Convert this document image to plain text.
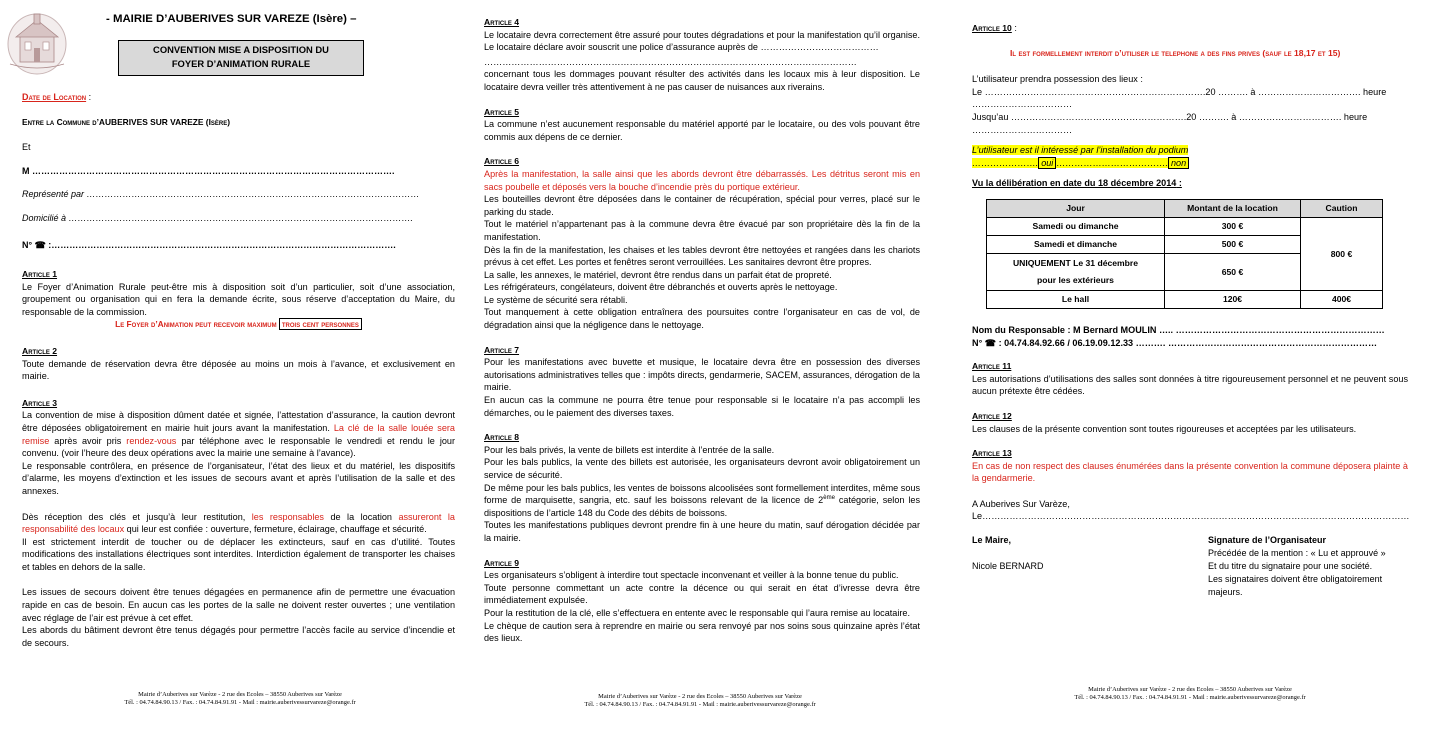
- MAIRIE D’AUBERIVES SUR VAREZE (Isère) –
CONVENTION MISE A DISPOSITION DU
FOYER D’ANIMATION RURALE
Date de Location :
Entre la Commune d’AUBERIVES SUR VAREZE (Isère)
Et
M ………………………………………………………………………………………………………….
Représenté par …………………………………………………………………………………………………
Domicilié à …………………………………………………………………………………………………….
N° ☎ :…………………………………………………………………………………………………….

Article 1

Le Foyer d’Animation Rurale peut-être mis à disposition soit d’un particulier, soit d’une association, groupement ou organisation qui en fera la demande écrite, sous réserve d’acceptation du Maire, du responsable de la commission.

Le Foyer d’Animation peut recevoir maximum trois cent personnes

Article 2

Toute demande de réservation devra être déposée au moins un mois à l’avance, et exclusivement en mairie.

Article 3

La convention de mise à disposition dûment datée et signée, l’attestation d’assurance, la caution devront être déposées obligatoirement en mairie huit jours avant la manifestation. La clé de la salle louée sera remise après avoir pris rendez-vous par téléphone avec le responsable le vendredi et rendu le jour convenu. (voir l’heure des deux opérations avec la mairie une semaine à l’avance).

Le responsable contrôlera, en présence de l’organisateur, l’état des lieux et du matériel, les dispositifs d’alarme, les moyens d’extinction et les issues de secours avant et après l’utilisation de la salle et des annexes.

Dès réception des clés et jusqu’à leur restitution, les responsables de la location assureront la responsabilité des locaux qui leur est confiée : ouverture, fermeture, éclairage, chauffage et sécurité.

Il est strictement interdit de toucher ou de déplacer les extincteurs, sauf en cas d’utilité. Toutes modifications des installations électriques sont interdites. Interdiction également de transporter les chaises et tables en dehors de la salle.

Les issues de secours doivent être tenues dégagées en permanence afin de permettre une évacuation rapide en cas de besoin. En aucun cas les portes de la salle ne doivent rester ouvertes ; une ventilation avec réglage de l’air est prévue à cet effet.

Les abords du bâtiment devront être tenus dégagés pour permettre l’accès facile au service d’incendie et de secours.

Mairie d’Auberives sur Varèze - 2 rue des Ecoles – 38550 Auberives sur Varèze
Tél. : 04.74.84.90.13 / Fax. : 04.74.84.91.91 - Mail : mairie.auberivessurvareze@orange.fr

Article 4

Le locataire devra correctement être assuré pour toutes dégradations et pour la manifestation qu’il organise. Le locataire déclare avoir souscrit une police d’assurance auprès de …………………………………

……………………………………………………………………………………………………………

concernant tous les dommages pouvant résulter des activités dans les locaux mis à leur disposition. Le locataire devra veiller très attentivement à ne pas causer de nuisances aux riverains.

Article 5

La commune n’est aucunement responsable du matériel apporté par le locataire, ou des vols pouvant être commis aux dépens de ce dernier.

Article 6

Après la manifestation, la salle ainsi que les abords devront être débarrassés. Les détritus seront mis en sacs poubelle et déposés vers la bouche d’incendie près du portique extérieur.

Les bouteilles devront être déposées dans le container de récupération, spécial pour verres, placé sur le parking du stade.

Tout le matériel n’appartenant pas à la commune devra être évacué par son propriétaire dès la fin de la manifestation.

Dès la fin de la manifestation, les chaises et les tables devront être nettoyées et rangées dans les chariots prévus à cet effet. Les portes et fenêtres seront verrouillées. Les sanitaires devront être propres.

La salle, les annexes, le matériel, devront être rendus dans un parfait état de propreté.

Les réfrigérateurs, congélateurs, doivent être débranchés et ouverts après le nettoyage.

Le système de sécurité sera rétabli.

Tout manquement à cette obligation entraînera des poursuites contre l’organisateur en cas de vol, de dégradation ainsi que la négligence dans le nettoyage.

Article 7

Pour les manifestations avec buvette et musique, le locataire devra être en possession des diverses autorisations administratives telles que : impôts directs, gendarmerie, SACEM, assurances, dérogation de la mairie.

En aucun cas la commune ne pourra être tenue pour responsable si le locataire n’a pas accompli les démarches, ou le paiement des diverses taxes.

Article 8

Pour les bals privés, la vente de billets est interdite à l’entrée de la salle.

Pour les bals publics, la vente des billets est autorisée, les organisateurs devront avoir obligatoirement un service de sécurité.

De même pour les bals publics, les ventes de boissons alcoolisées sont formellement interdites, même sous forme de marquisette, sangria, etc. sauf les boissons relevant de la licence de 2ème catégorie, selon les dispositions de l’article 148 du Code des débits de boissons.

Toutes les manifestations publiques devront prendre fin à une heure du matin, sauf dérogation décidée par la mairie.

Article 9

Les organisateurs s’obligent à interdire tout spectacle inconvenant et veiller à la bonne tenue du public.

Toute personne commettant un acte contre la décence ou qui serait en état d’ivresse devra être immédiatement expulsée.

Pour la restitution de la clé, elle s’effectuera en entente avec le responsable qui l’aura remise au locataire.

Le chèque de caution sera à reprendre en mairie ou sera renvoyé par nos soins sous quinzaine après l’état des lieux.

Mairie d’Auberives sur Varèze - 2 rue des Ecoles – 38550 Auberives sur Varèze
Tél. : 04.74.84.90.13 / Fax. : 04.74.84.91.91 - Mail : mairie.auberivessurvareze@orange.fr

Article 10 :

Il est formellement interdit d’utiliser le telephone a des fins prives (sauf le 18,17 et 15)

L’utilisateur prendra possession des lieux :

Le ……………………………………………………………….20 ………. à ……………………………. heure ……………………………

Jusqu’au ………………………………………………….20 ………. à ……………………………. heure ……………………………

L’utilisateur est il intéressé par l’installation du podium …………………. oui ………………………………. non

Vu la délibération en date du 18 décembre 2014 :

Jour	Montant de la location	Caution
Samedi ou dimanche	300 €	800 €
Samedi et dimanche	500 €	

UNIQUEMENT Le 31 décembre
pour les extérieurs	650 €	
Le hall	120€	400€

Nom du Responsable : M Bernard MOULIN ….. ……………………………………………………………

N° ☎ : 04.74.84.92.66 / 06.19.09.12.33 ………. ……………………………………………………………

Article 11

Les autorisations d’utilisations des salles sont données à titre rigoureusement personnel et ne peuvent sous aucun prétexte être cédées.

Article 12

Les clauses de la présente convention sont toutes rigoureuses et acceptées par les utilisateurs.

Article 13

En cas de non respect des clauses énumérées dans la présente convention la commune déposera plainte à la gendarmerie.

A Auberives Sur Varèze,

Le……………………………………………………………………………………………………………………………

Le Maire,
Nicole BERNARD
Signature de l’Organisateur
Précédée de la mention : « Lu et approuvé »
Et du titre du signataire pour une société.
Les signataires doivent être obligatoirement
majeurs.
Mairie d’Auberives sur Varèze - 2 rue des Ecoles – 38550 Auberives sur Varèze
Tél. : 04.74.84.90.13 / Fax. : 04.74.84.91.91 - Mail : mairie.auberivessurvareze@orange.fr
